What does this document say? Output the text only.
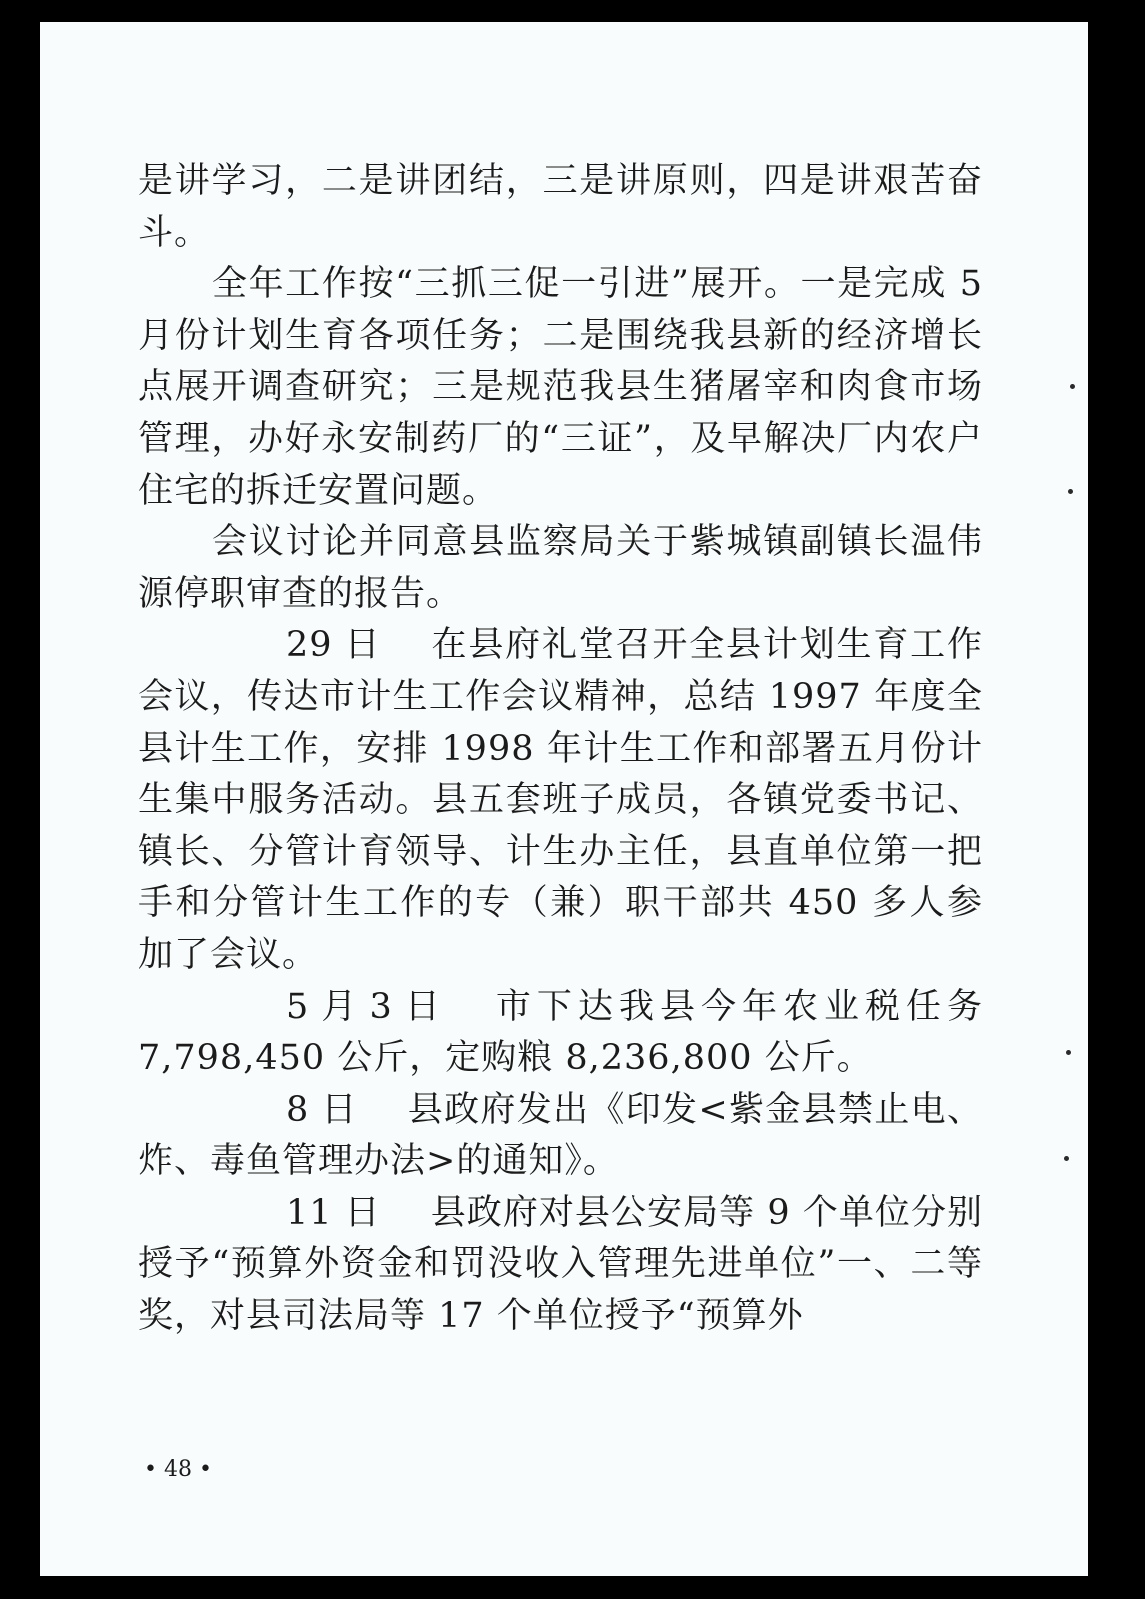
是讲学习，二是讲团结，三是讲原则，四是讲艰苦奋斗。

全年工作按“三抓三促一引进”展开。一是完成 5 月份计划生育各项任务；二是围绕我县新的经济增长点展开调查研究；三是规范我县生猪屠宰和肉食市场管理，办好永安制药厂的“三证”，及早解决厂内农户住宅的拆迁安置问题。

会议讨论并同意县监察局关于紫城镇副镇长温伟源停职审查的报告。

29 日 在县府礼堂召开全县计划生育工作会议，传达市计生工作会议精神，总结 1997 年度全县计生工作，安排 1998 年计生工作和部署五月份计生集中服务活动。县五套班子成员，各镇党委书记、镇长、分管计育领导、计生办主任，县直单位第一把手和分管计生工作的专（兼）职干部共 450 多人参加了会议。

5 月 3 日 市下达我县今年农业税任务 7,798,450 公斤，定购粮 8,236,800 公斤。

8 日 县政府发出《印发<紫金县禁止电、炸、毒鱼管理办法>的通知》。

11 日 县政府对县公安局等 9 个单位分别授予“预算外资金和罚没收入管理先进单位”一、二等奖，对县司法局等 17 个单位授予“预算外

• 48 •
